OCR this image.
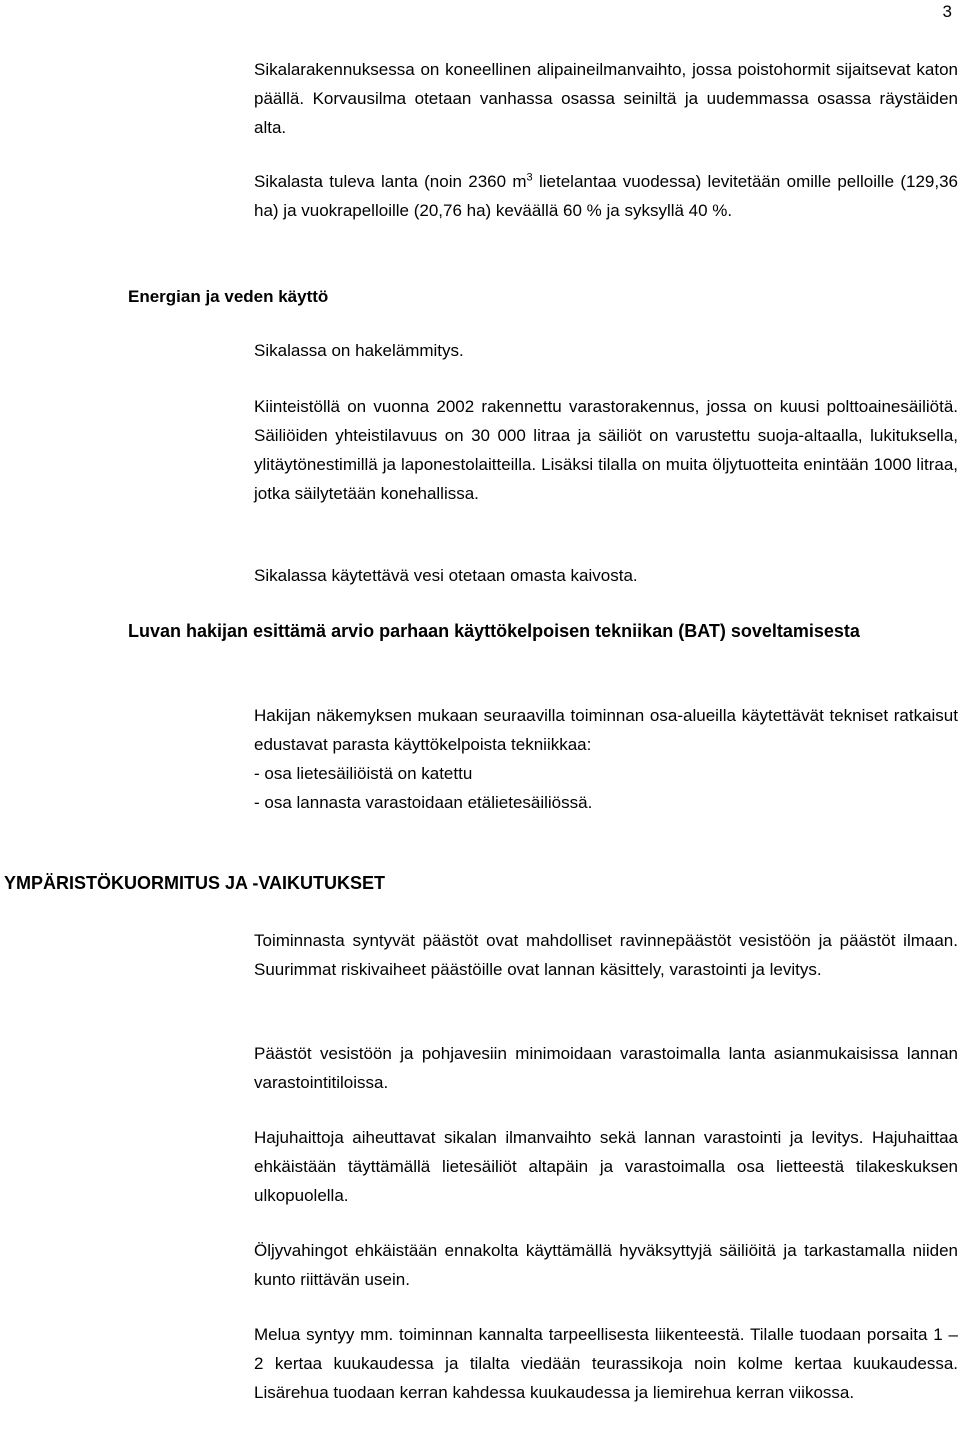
3

Sikalarakennuksessa on koneellinen alipaineilmanvaihto, jossa poistohormit sijaitsevat katon päällä. Korvausilma otetaan vanhassa osassa seiniltä ja uudemmassa osassa räystäiden alta.

Sikalasta tuleva lanta (noin 2360 $m^3$ lietelantaa vuodessa) levitetään omille pelloille (129,36 ha) ja vuokrapelloille (20,76 ha) keväällä 60 % ja syksyllä 40 %.

Energian ja veden käyttö

Sikalassa on hakelämmitys.

Kiinteistöllä on vuonna 2002 rakennettu varastorakennus, jossa on kuusi polttoainesäiliötä. Säiliöiden yhteistilavuus on 30 000 litraa ja säiliöt on varustettu suoja-altaalla, lukituksella, ylitäytönestimillä ja laponestolaitteilla. Lisäksi tilalla on muita öljytuotteita enintään 1000 litraa, jotka säilytetään konehallissa.

Sikalassa käytettävä vesi otetaan omasta kaivosta.

Luvan hakijan esittämä arvio parhaan käyttökelpoisen tekniikan (BAT) soveltamisesta
Hakijan näkemyksen mukaan seuraavilla toiminnan osa-alueilla käytettävät tekniset ratkaisut edustavat parasta käyttökelpoista tekniikkaa:
- osa lietesäiliöistä on katettu
- osa lannasta varastoidaan etälietesäiliössä.
YMPÄRISTÖKUORMITUS JA -VAIKUTUKSET

Toiminnasta syntyvät päästöt ovat mahdolliset ravinnepäästöt vesistöön ja päästöt ilmaan. Suurimmat riskivaiheet päästöille ovat lannan käsittely, varastointi ja levitys.

Päästöt vesistöön ja pohjavesiin minimoidaan varastoimalla lanta asianmukaisissa lannan varastointitiloissa.

Hajuhaittoja aiheuttavat sikalan ilmanvaihto sekä lannan varastointi ja levitys. Hajuhaittaa ehkäistään täyttämällä lietesäiliöt altapäin ja varastoimalla osa lietteestä tilakeskuksen ulkopuolella.

Öljyvahingot ehkäistään ennakolta käyttämällä hyväksyttyjä säiliöitä ja tarkastamalla niiden kunto riittävän usein.

Melua syntyy mm. toiminnan kannalta tarpeellisesta liikenteestä. Tilalle tuodaan porsaita 1 – 2 kertaa kuukaudessa ja tilalta viedään teurassikoja noin kolme kertaa kuukaudessa. Lisärehua tuodaan kerran kahdessa kuukaudessa ja liemirehua kerran viikossa.
